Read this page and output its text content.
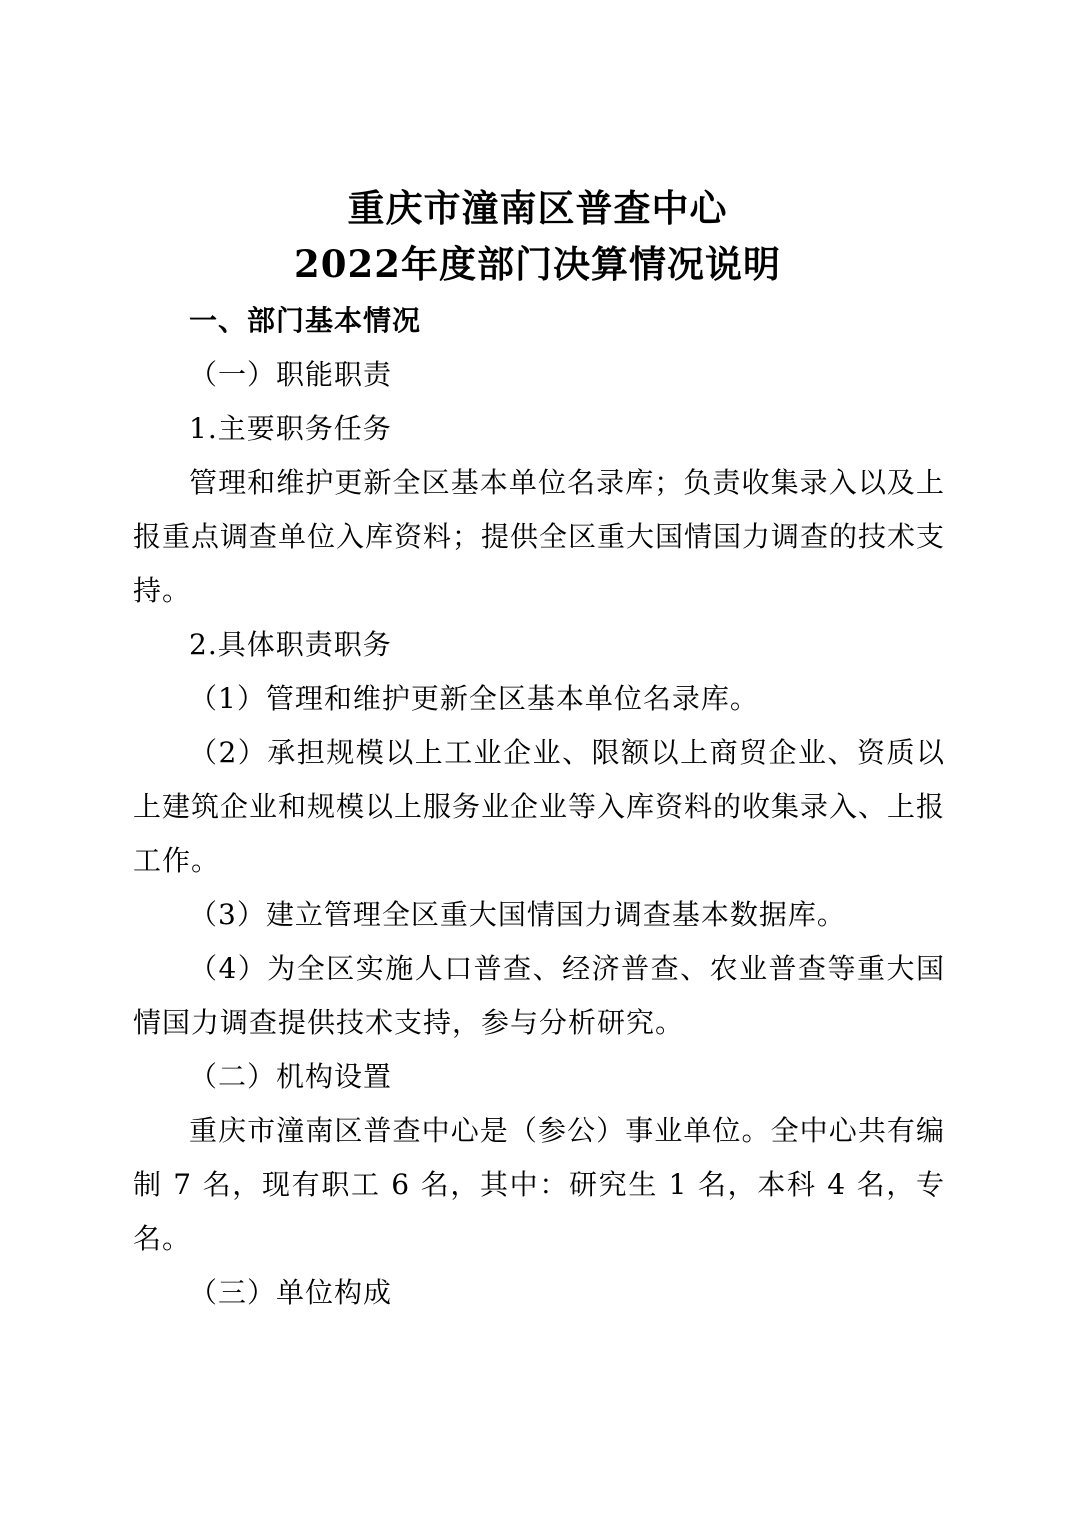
重庆市潼南区普查中心
2022年度部门决算情况说明
一、部门基本情况
（一）职能职责
1.主要职务任务
管理和维护更新全区基本单位名录库；负责收集录入以及上
报重点调查单位入库资料；提供全区重大国情国力调查的技术支
持。
2.具体职责职务
（1）管理和维护更新全区基本单位名录库。
（2）承担规模以上工业企业、限额以上商贸企业、资质以
上建筑企业和规模以上服务业企业等入库资料的收集录入、上报
工作。
（3）建立管理全区重大国情国力调查基本数据库。
（4）为全区实施人口普查、经济普查、农业普查等重大国
情国力调查提供技术支持，参与分析研究。
（二）机构设置
重庆市潼南区普查中心是（参公）事业单位。全中心共有编
制 7 名，现有职工 6 名，其中：研究生 1 名，本科 4 名，专
名。
（三）单位构成
